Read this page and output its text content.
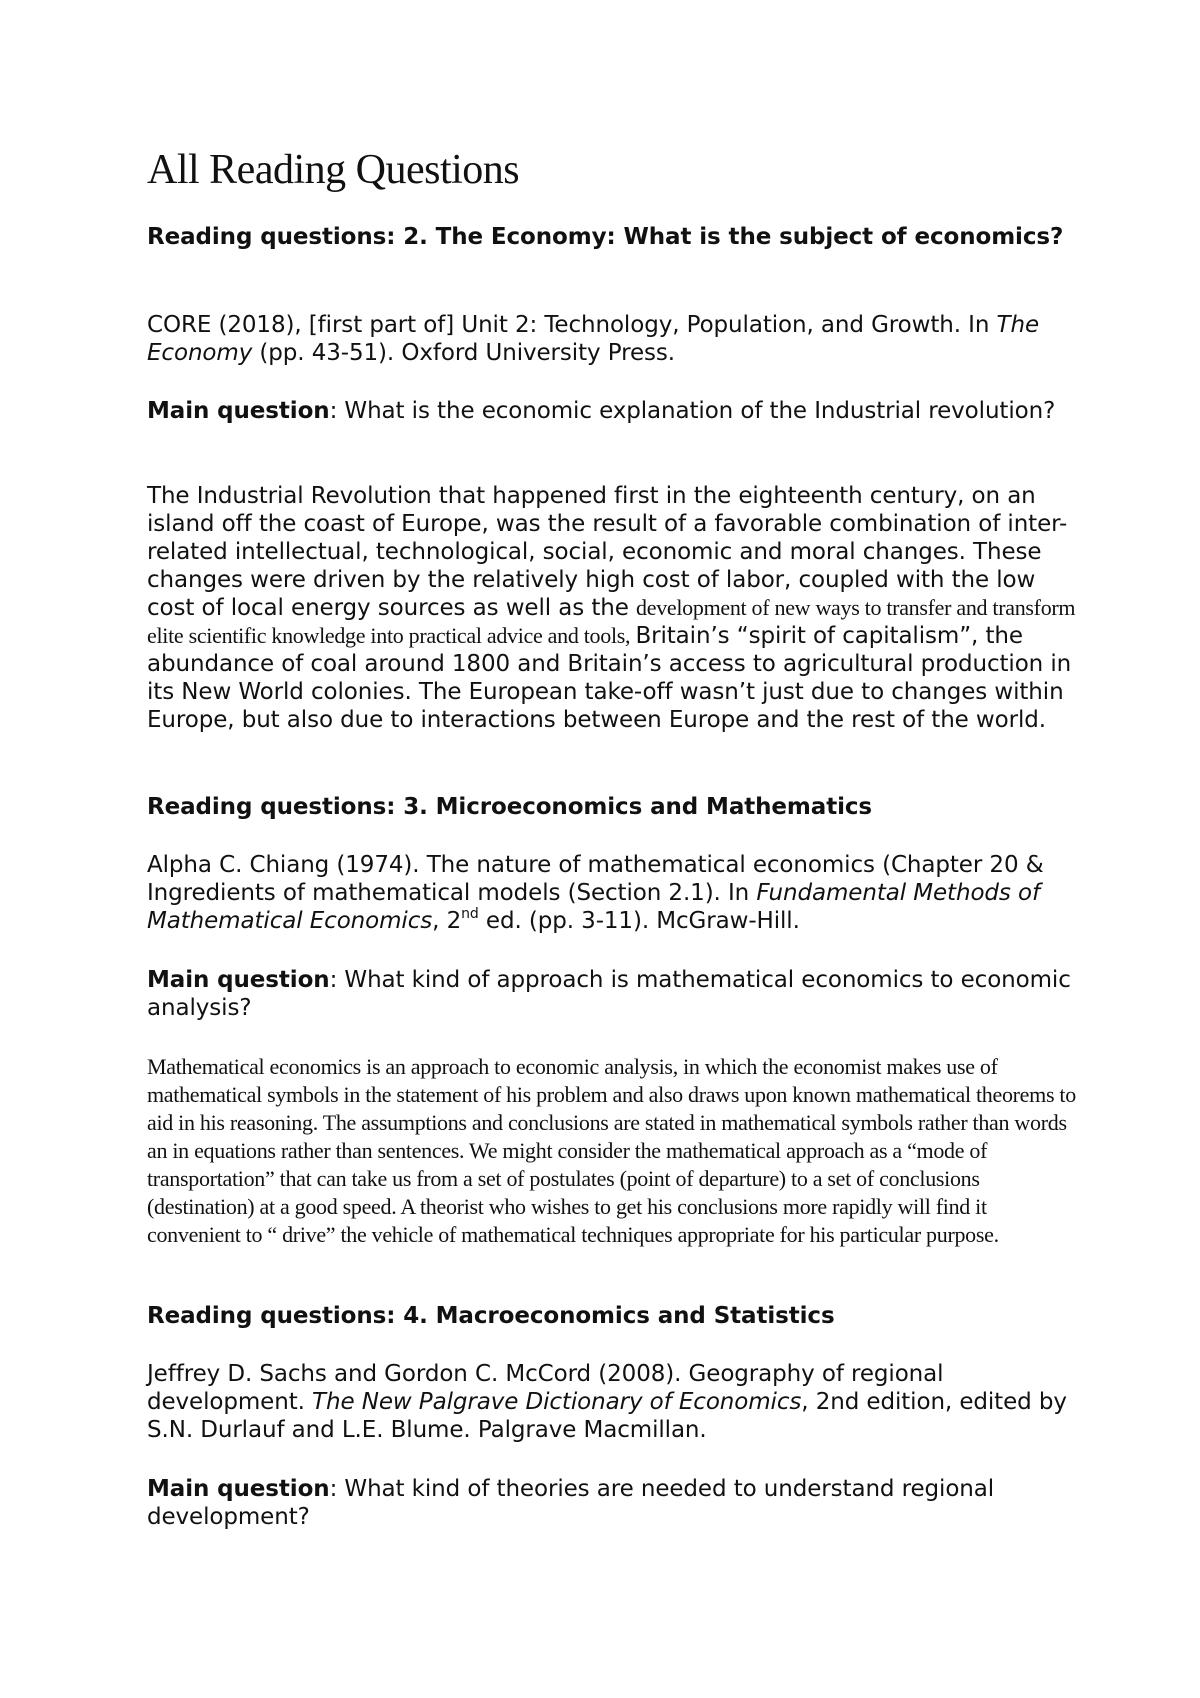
All Reading Questions

Reading questions: 2. The Economy: What is the subject of economics?

CORE (2018), [first part of] Unit 2: Technology, Population, and Growth. In The Economy (pp. 43-51). Oxford University Press.

Main question: What is the economic explanation of the Industrial revolution?

The Industrial Revolution that happened first in the eighteenth century, on an island off the coast of Europe, was the result of a favorable combination of inter-related intellectual, technological, social, economic and moral changes. These changes were driven by the relatively high cost of labor, coupled with the low cost of local energy sources as well as the development of new ways to transfer and transform elite scientific knowledge into practical advice and tools, Britain’s “spirit of capitalism”, the abundance of coal around 1800 and Britain’s access to agricultural production in its New World colonies. The European take-off wasn’t just due to changes within Europe, but also due to interactions between Europe and the rest of the world.

Reading questions: 3. Microeconomics and Mathematics

Alpha C. Chiang (1974). The nature of mathematical economics (Chapter 20 & Ingredients of mathematical models (Section 2.1). In Fundamental Methods of Mathematical Economics, 2nd ed. (pp. 3-11). McGraw-Hill.

Main question: What kind of approach is mathematical economics to economic analysis?

Mathematical economics is an approach to economic analysis, in which the economist makes use of mathematical symbols in the statement of his problem and also draws upon known mathematical theorems to aid in his reasoning. The assumptions and conclusions are stated in mathematical symbols rather than words an in equations rather than sentences. We might consider the mathematical approach as a “mode of transportation” that can take us from a set of postulates (point of departure) to a set of conclusions (destination) at a good speed. A theorist who wishes to get his conclusions more rapidly will find it convenient to “ drive” the vehicle of mathematical techniques appropriate for his particular purpose.

Reading questions: 4. Macroeconomics and Statistics

Jeffrey D. Sachs and Gordon C. McCord (2008). Geography of regional development. The New Palgrave Dictionary of Economics, 2nd edition, edited by S.N. Durlauf and L.E. Blume. Palgrave Macmillan.

Main question: What kind of theories are needed to understand regional development?
